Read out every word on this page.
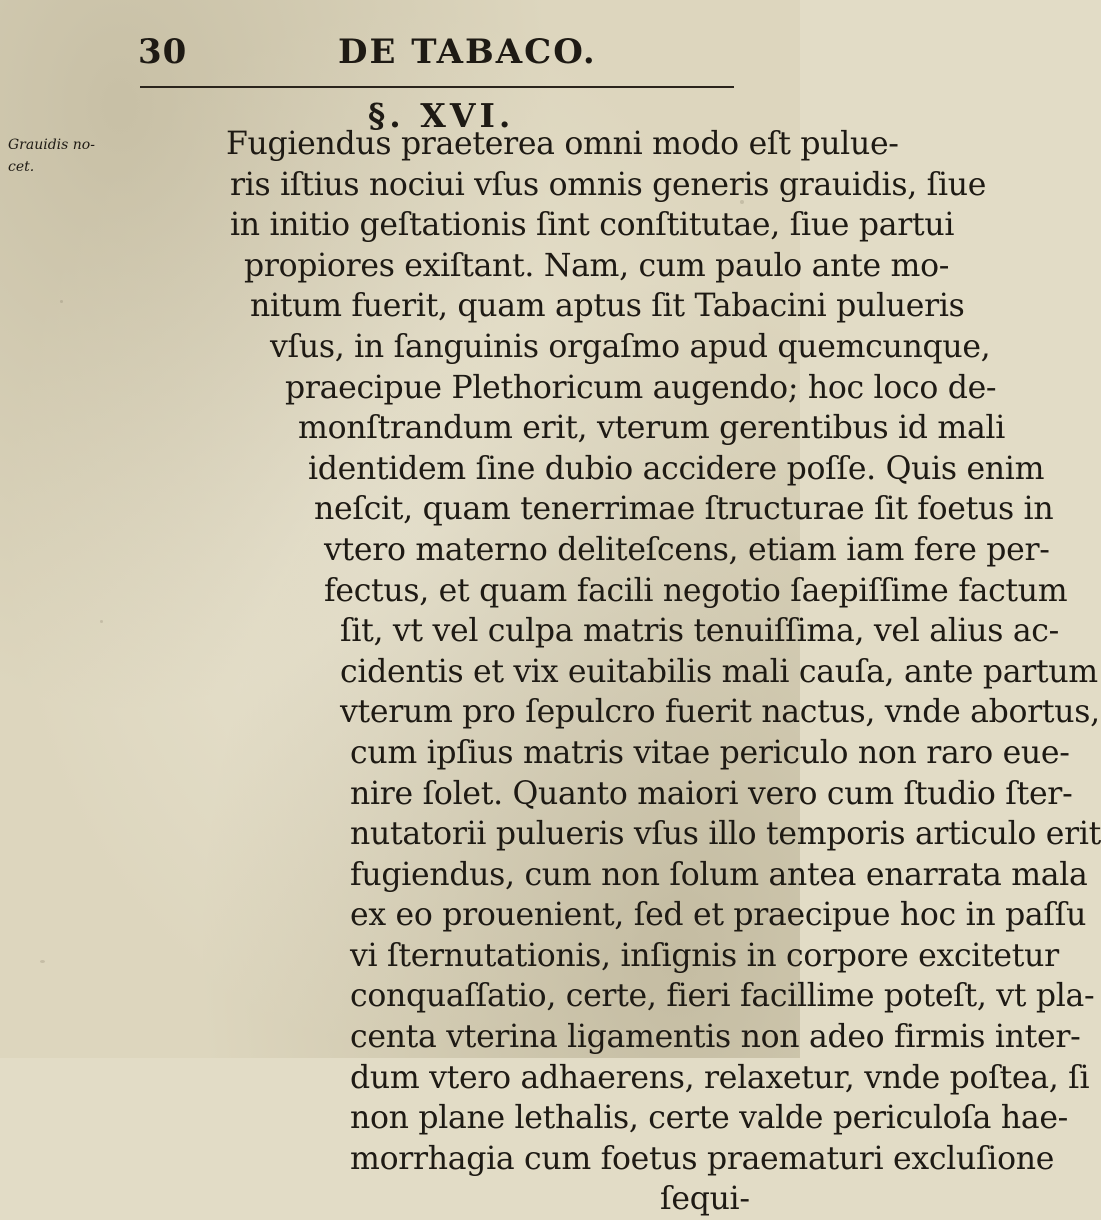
30	DE TABACO.
§. XVI.
Grauidis no-
cet.
Fugiendus praeterea omni modo eſt pulue-
ris iſtius nociui vſus omnis generis grauidis, ſiue
in initio geſtationis ſint conſtitutae, ſiue partui
propiores exiſtant. Nam, cum paulo ante mo-
nitum fuerit, quam aptus ſit Tabacini pulueris
vſus, in ſanguinis orgaſmo apud quemcunque,
praecipue Plethoricum augendo; hoc loco de-
monſtrandum erit, vterum gerentibus id mali
identidem ſine dubio accidere poſſe. Quis enim
neſcit, quam tenerrimae ſtructurae ſit foetus in
vtero materno deliteſcens, etiam iam fere per-
fectus, et quam facili negotio ſaepiſſime factum
ſit, vt vel culpa matris tenuiſſima, vel alius ac-
cidentis et vix euitabilis mali cauſa, ante partum
vterum pro ſepulcro fuerit nactus, vnde abortus,
cum ipſius matris vitae periculo non raro eue-
nire ſolet. Quanto maiori vero cum ſtudio ſter-
nutatorii pulueris vſus illo temporis articulo erit
fugiendus, cum non ſolum antea enarrata mala
ex eo prouenient, ſed et praecipue hoc in paſſu
vi ſternutationis, inſignis in corpore excitetur
conquaſſatio, certe, fieri facillime poteſt, vt pla-
centa vterina ligamentis non adeo firmis inter-
dum vtero adhaerens, relaxetur, vnde poſtea, ſi
non plane lethalis, certe valde periculoſa hae-
morrhagia cum foetus praematuri excluſione
ſequi-
